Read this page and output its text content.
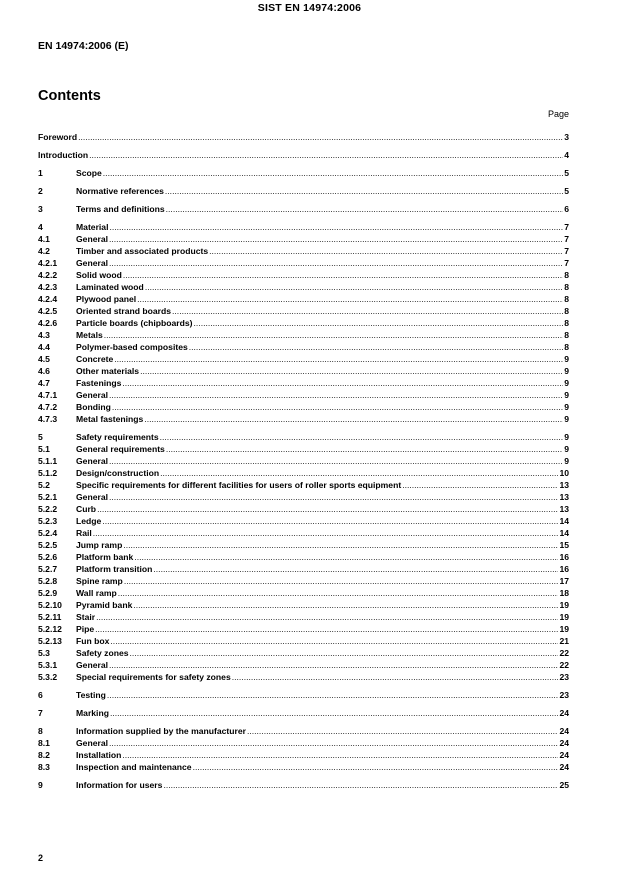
SIST EN 14974:2006
EN 14974:2006 (E)
Contents
Page
Foreword .....	3
Introduction .....	4
1	Scope .....	5
2	Normative references .....	5
3	Terms and definitions .....	6
4	Material .....	7
4.1	General .....	7
4.2	Timber and associated products .....	7
4.2.1 General .....	7
4.2.2 Solid wood .....	8
4.2.3 Laminated wood .....	8
4.2.4 Plywood panel .....	8
4.2.5 Oriented strand boards .....	8
4.2.6 Particle boards (chipboards) .....	8
4.3	Metals .....	8
4.4	Polymer-based composites .....	8
4.5	Concrete .....	9
4.6	Other materials .....	9
4.7	Fastenings .....	9
4.7.1 General .....	9
4.7.2 Bonding .....	9
4.7.3 Metal fastenings .....	9
5	Safety requirements .....	9
5.1	General requirements .....	9
5.1.1 General .....	9
5.1.2 Design/construction .....	10
5.2	Specific requirements for different facilities for users of roller sports equipment .....	13
5.2.1 General .....	13
5.2.2 Curb .....	13
5.2.3 Ledge .....	14
5.2.4 Rail .....	14
5.2.5 Jump ramp .....	15
5.2.6 Platform bank .....	16
5.2.7 Platform transition .....	16
5.2.8 Spine ramp .....	17
5.2.9 Wall ramp .....	18
5.2.10 Pyramid bank .....	19
5.2.11 Stair .....	19
5.2.12 Pipe .....	19
5.2.13 Fun box .....	21
5.3	Safety zones .....	22
5.3.1 General .....	22
5.3.2 Special requirements for safety zones .....	23
6	Testing .....	23
7	Marking .....	24
8	Information supplied by the manufacturer .....	24
8.1	General .....	24
8.2	Installation .....	24
8.3	Inspection and maintenance .....	24
9	Information for users .....	25
2
